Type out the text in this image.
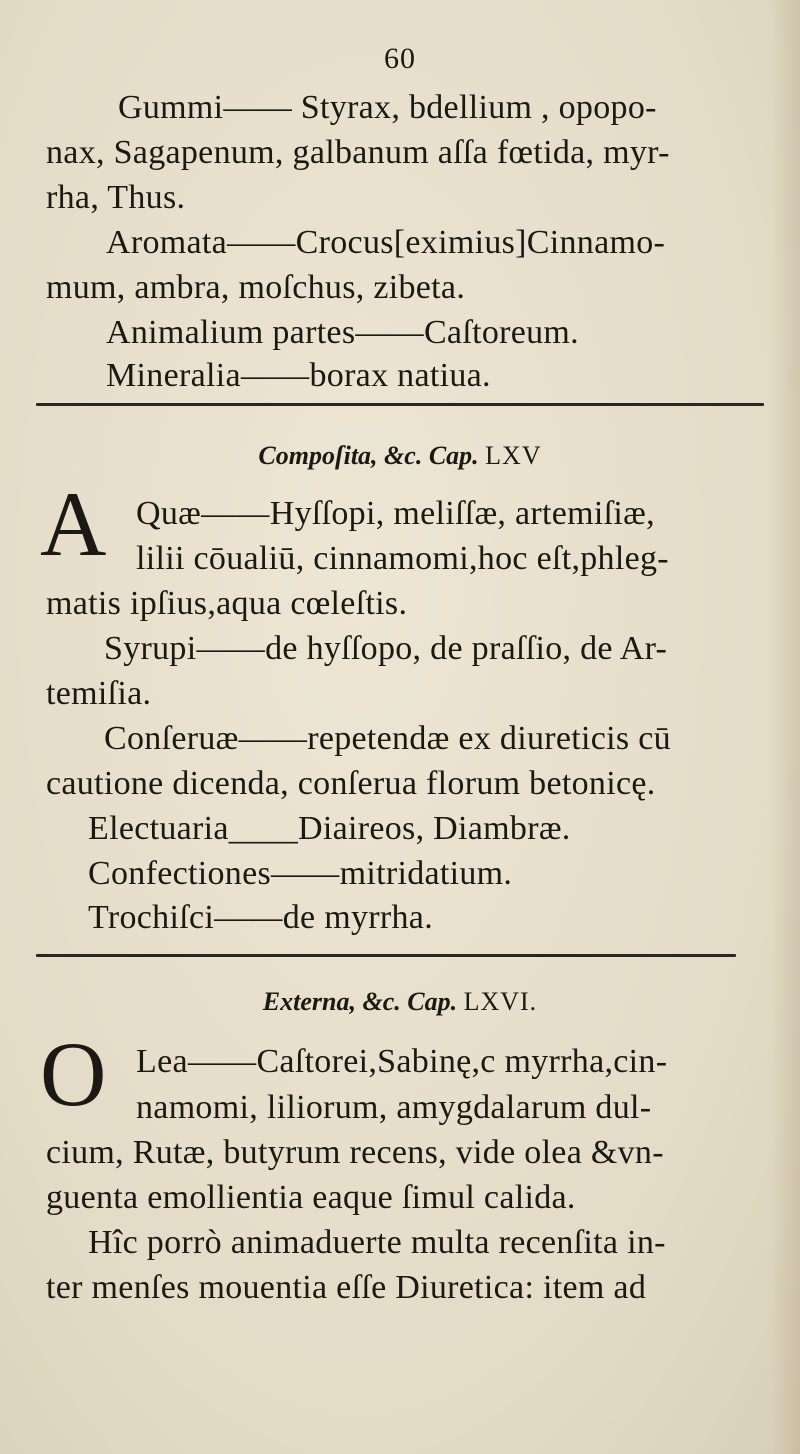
60
Gummi—— Styrax, bdellium , opopo-
nax, Sagapenum, galbanum aſſa fœtida, myr-
rha, Thus.
Aromata——Crocus[eximius]Cinnamo-
mum, ambra, moſchus, zibeta.
Animalium partes——Caſtoreum.
Mineralia——borax natiua.
Compoſita, &c. Cap. LXV
A Quæ——Hyſſopi, meliſſæ, artemiſiæ,
lilii cōualiū, cinnamomi,hoc eſt,phleg-
matis ipſius,aqua cœleſtis.
Syrupi——de hyſſopo, de praſſio, de Ar-
temiſia.
Conſeruæ——repetendæ ex diureticis cū
cautione dicenda, conſerua florum betonicę.
Electuaria____Diaireos, Diambræ.
Confectiones——mitridatium.
Trochiſci——de myrrha.
Externa, &c. Cap. LXVI.
O Lea——Caſtorei,Sabinę,c myrrha,cin-
namomi, liliorum, amygdalarum dul-
cium, Rutæ, butyrum recens, vide olea &vn-
guenta emollientia eaque ſimul calida.
Hîc porrò animaduerte multa recenſita in-
ter menſes mouentia eſſe Diuretica: item ad
